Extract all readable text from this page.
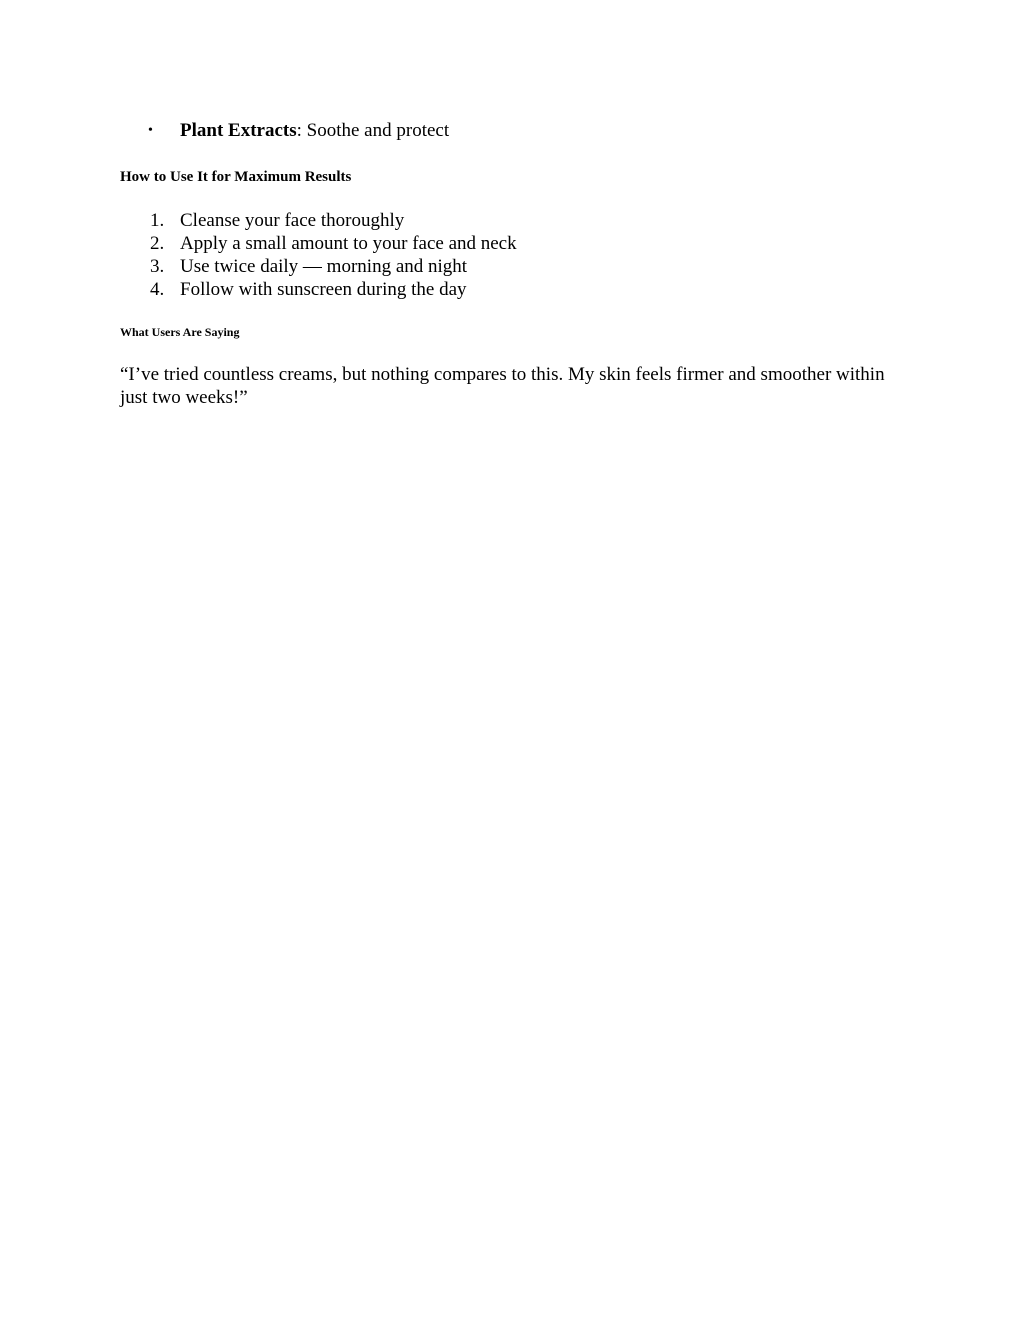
• Plant Extracts: Soothe and protect
How to Use It for Maximum Results
1. Cleanse your face thoroughly
2. Apply a small amount to your face and neck
3. Use twice daily — morning and night
4. Follow with sunscreen during the day
What Users Are Saying

“I’ve tried countless creams, but nothing compares to this. My skin feels firmer and smoother within just two weeks!”
